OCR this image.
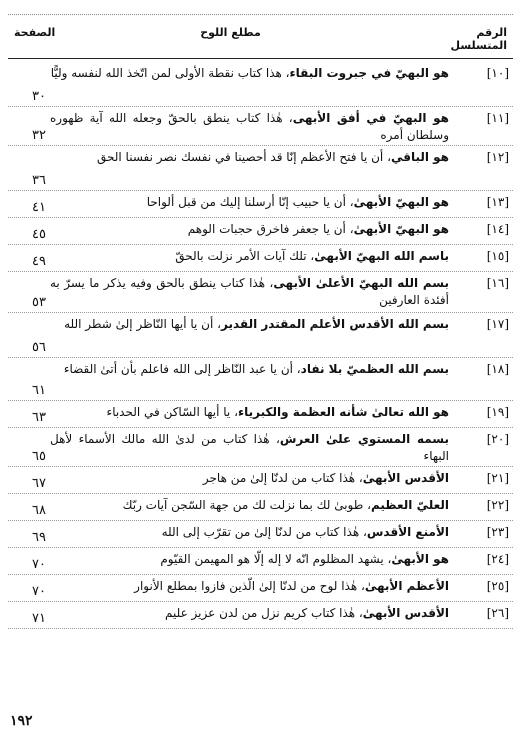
الرقم
المتسلسل
مطلع اللوح
الصفحة
[١٠]
هو البهيّ في جبروت البقاء، هذا كتاب نقطة الأولى لمن اتّخذ الله لنفسه وليًّا
٣٠
[١١]
هو البهيّ في أفق الأبهى، هٰذا كتاب ينطق بالحقّ وجعله الله آية ظهوره وسلطان أمره
٣٢
[١٢]
هو الباقي، أن يا فتح الأعظم إنّا قد أحصينا في نفسك نصر نفسنا الحق
٣٦
[١٣]
هو البهيّ الأبهىٰ، أن يا حبيب إنّا أرسلنا إليك من قبل ألواحا
٤١
[١٤]
هو البهيّ الأبهىٰ، أن يا جعفر فاخرق حجبات الوهم
٤٥
[١٥]
باسم الله البهيّ الأبهىٰ، تلك آيات الأمر نزلت بالحقّ
٤٩
[١٦]
بسم الله البهيّ الأعلىٰ الأبهى، هٰذا كتاب ينطق بالحق وفيه يذكر ما يسرّ به أفئدة العارفين
٥٣
[١٧]
بسم الله الأقدس الأعلم المقتدر القدير، أن يا أيها النّاظر إلىٰ شطر الله
٥٦
[١٨]
بسم الله العظميّ بلا نفاد، أن يا عبد النّاظر إلى الله فاعلم بأن أتىٰ القضاء
٦١
[١٩]
هو الله تعالىٰ شأنه العظمة والكبرياء، يا أيها السّاكن في الحدباء
٦٣
[٢٠]
بسمه المستوي علىٰ العرش، هٰذا كتاب من لدىٰ الله مالك الأسماء لأهل البهاء
٦٥
[٢١]
الأقدس الأبهىٰ، هٰذا كتاب من لدنّا إلىٰ من هاجر
٦٧
[٢٢]
العليّ العظيم، طوبىٰ لك بما نزلت لك من جهة السّجن آيات ربّك
٦٨
[٢٣]
الأمنع الأقدس، هٰذا كتاب من لدنّا إلىٰ من تقرّب إلى الله
٦٩
[٢٤]
هو الأبهىٰ، يشهد المظلوم انّه لا إله إلّا هو المهيمن القيّوم
٧٠
[٢٥]
الأعظم الأبهىٰ، هٰذا لوح من لدنّا إلىٰ الّذين فازوا بمطلع الأنوار
٧٠
[٢٦]
الأقدس الأبهىٰ، هٰذا كتاب كريم نزل من لدن عزيز عليم
٧١
١٩٢
